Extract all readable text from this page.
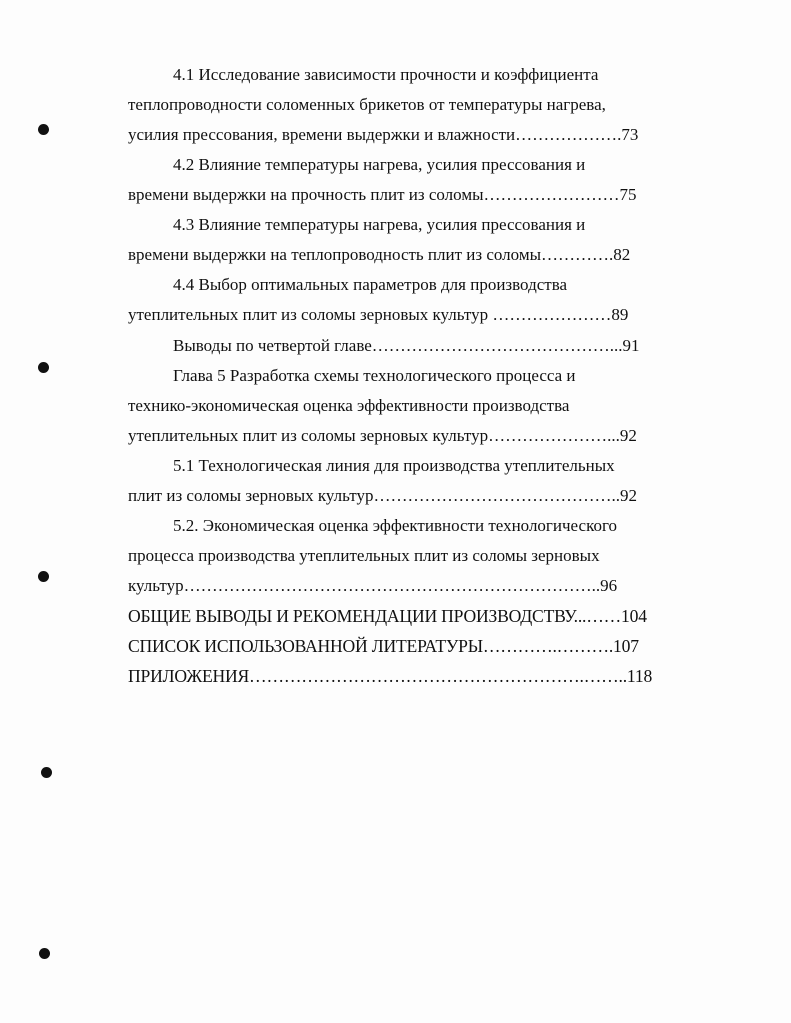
4.1 Исследование зависимости прочности и коэффициента
теплопроводности соломенных брикетов от температуры нагрева,
усилия прессования, времени выдержки и влажности……………….73
4.2 Влияние температуры нагрева, усилия прессования и
времени выдержки на прочность плит из соломы……………………75
4.3 Влияние температуры нагрева, усилия прессования и
времени выдержки на теплопроводность плит из соломы………….82
4.4 Выбор оптимальных параметров для производства
утеплительных плит из соломы зерновых культур …………………89
Выводы по четвертой главе……………………………………...91
Глава 5 Разработка схемы технологического процесса и
технико-экономическая оценка эффективности производства
утеплительных плит из соломы зерновых культур…………………...92
5.1 Технологическая линия для производства утеплительных
плит из соломы зерновых культур……………………………………..92
5.2. Экономическая оценка эффективности технологического
процесса производства утеплительных плит из соломы зерновых
культур………………………………………………………………..96
ОБЩИЕ ВЫВОДЫ И РЕКОМЕНДАЦИИ ПРОИЗВОДСТВУ...……104
СПИСОК ИСПОЛЬЗОВАННОЙ ЛИТЕРАТУРЫ………….……….107
ПРИЛОЖЕНИЯ………………………………………………….……..118
